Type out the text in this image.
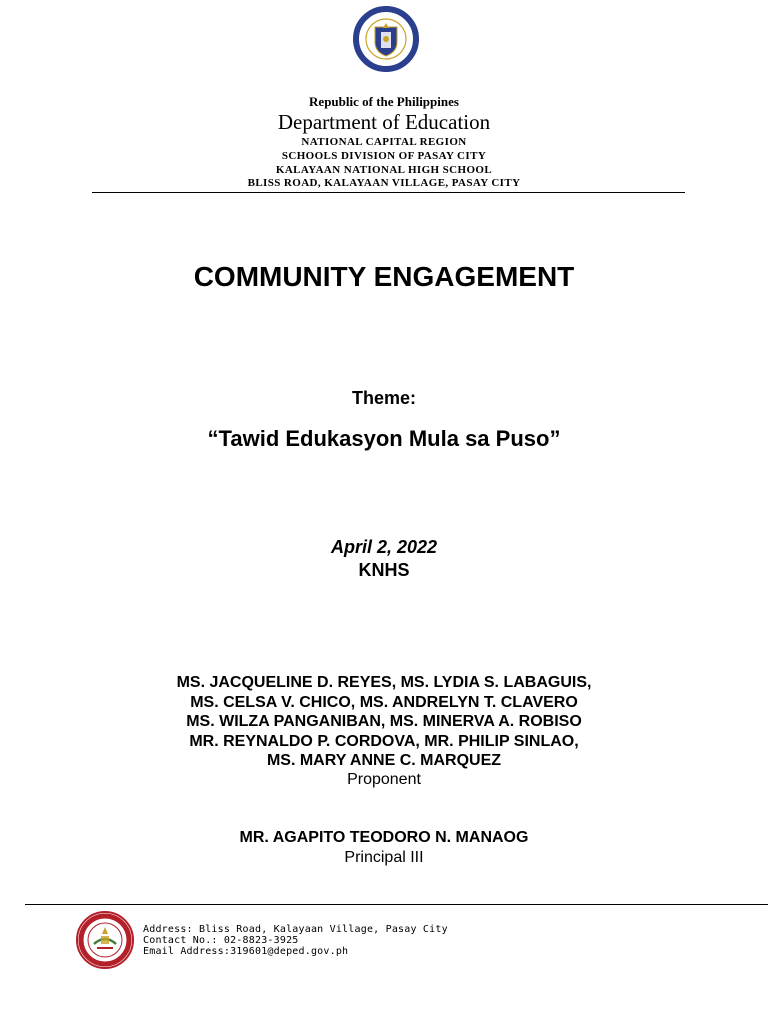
Republic of the Philippines
Department of Education
NATIONAL CAPITAL REGION
SCHOOLS DIVISION OF PASAY CITY
KALAYAAN NATIONAL HIGH SCHOOL
BLISS ROAD, KALAYAAN VILLAGE, PASAY CITY
COMMUNITY ENGAGEMENT
Theme:
“Tawid Edukasyon Mula sa Puso”
April 2, 2022
KNHS
MS. JACQUELINE D. REYES, MS. LYDIA S. LABAGUIS,
MS. CELSA V. CHICO, MS. ANDRELYN T. CLAVERO
MS. WILZA PANGANIBAN, MS. MINERVA A. ROBISO
MR. REYNALDO P. CORDOVA, MR. PHILIP SINLAO,
MS. MARY ANNE C. MARQUEZ
Proponent
MR. AGAPITO TEODORO N. MANAOG
Principal III
Address: Bliss Road, Kalayaan Village, Pasay City
Contact No.: 02-8823-3925
Email Address:319601@deped.gov.ph
